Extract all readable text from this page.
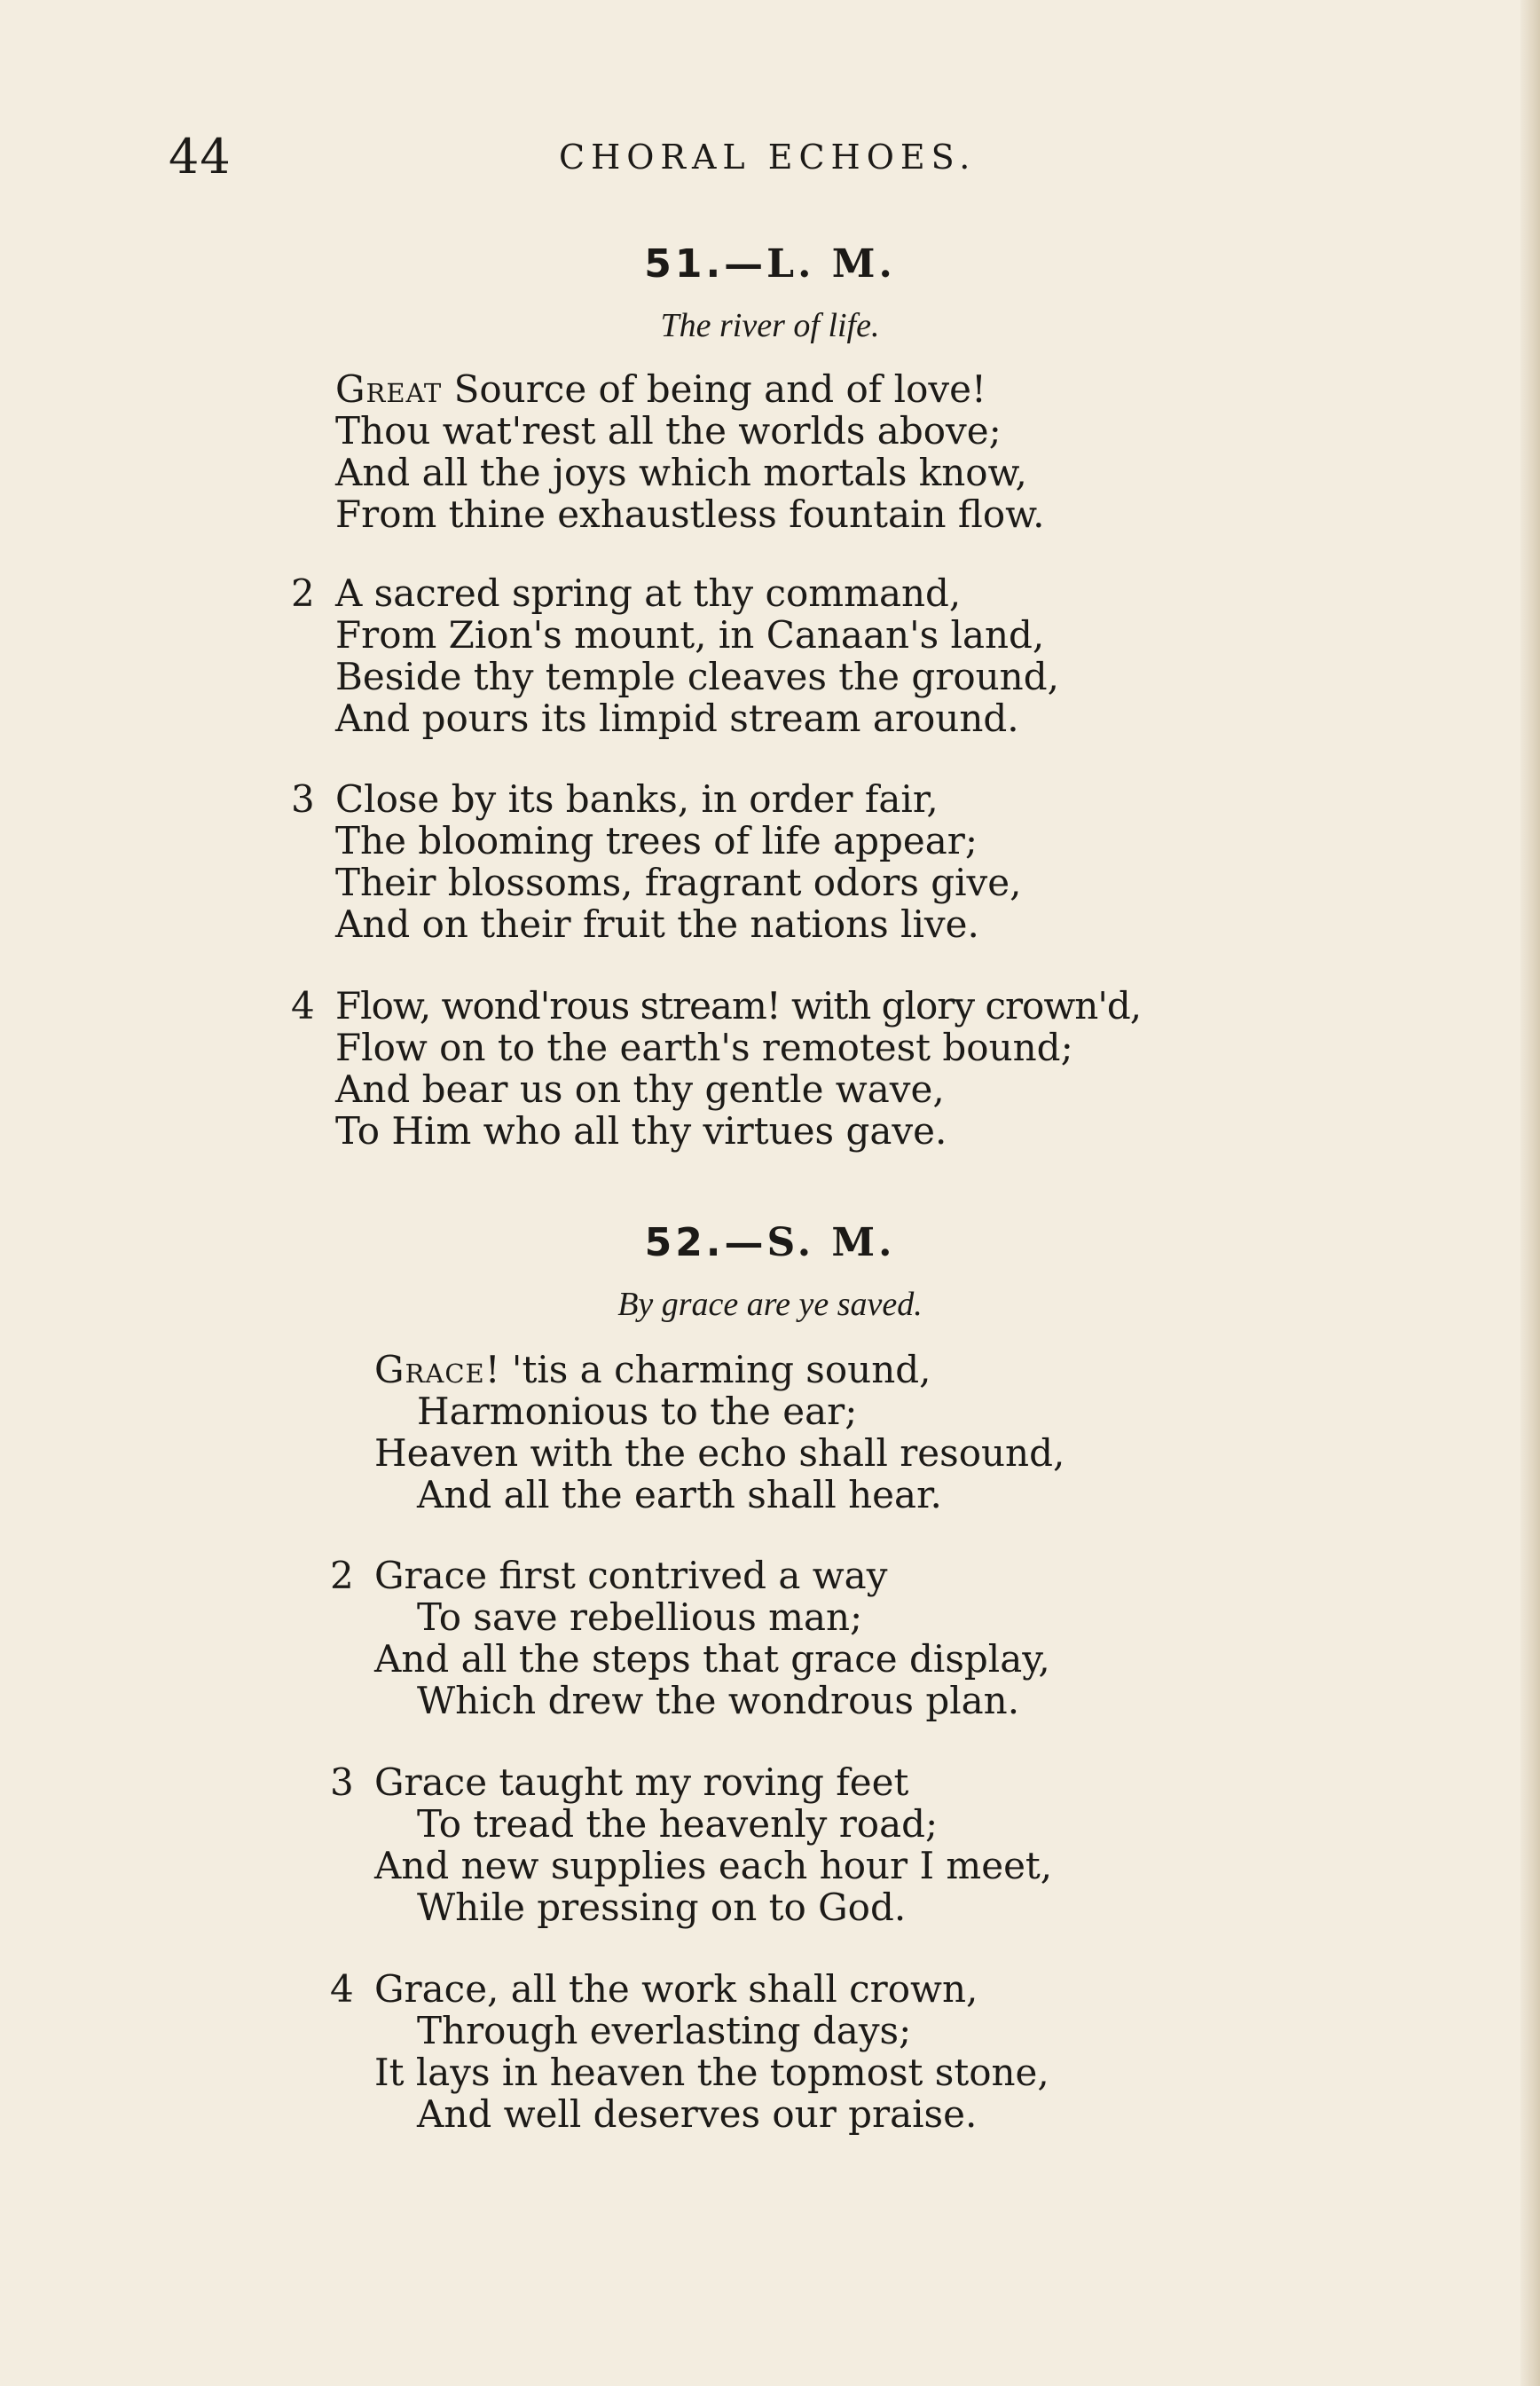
44	CHORAL ECHOES.
51.—L. M.
The river of life.
Great Source of being and of love!
Thou wat'rest all the worlds above;
And all the joys which mortals know,
From thine exhaustless fountain flow.
2 A sacred spring at thy command,
From Zion's mount, in Canaan's land,
Beside thy temple cleaves the ground,
And pours its limpid stream around.
3 Close by its banks, in order fair,
The blooming trees of life appear;
Their blossoms, fragrant odors give,
And on their fruit the nations live.
4 Flow, wond'rous stream! with glory crown'd,
Flow on to the earth's remotest bound;
And bear us on thy gentle wave,
To Him who all thy virtues gave.
52.—S. M.
By grace are ye saved.
Grace! 'tis a charming sound,
Harmonious to the ear;
Heaven with the echo shall resound,
And all the earth shall hear.
2 Grace first contrived a way
To save rebellious man;
And all the steps that grace display,
Which drew the wondrous plan.
3 Grace taught my roving feet
To tread the heavenly road;
And new supplies each hour I meet,
While pressing on to God.
4 Grace, all the work shall crown,
Through everlasting days;
It lays in heaven the topmost stone,
And well deserves our praise.
